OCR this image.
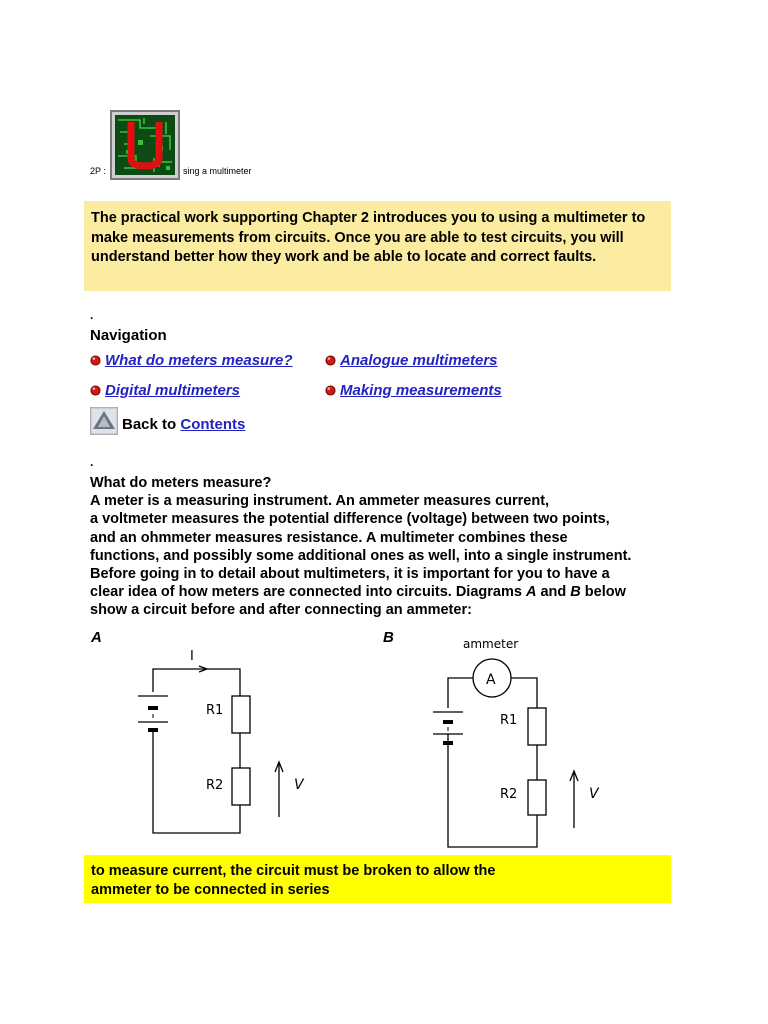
2P :	sing a multimeter
The practical work supporting Chapter 2 introduces you to using a multimeter to make measurements from circuits. Once you are able to test circuits, you will understand better how they work and be able to locate and correct faults.
.
Navigation
What do meters measure?	Analogue multimeters
Digital multimeters	Making measurements
Back to Contents
.
What do meters measure?
A meter is a measuring instrument. An ammeter measures current,
a voltmeter measures the potential difference (voltage) between two points,
and an ohmmeter measures resistance. A multimeter combines these
functions, and possibly some additional ones as well, into a single instrument.
Before going in to detail about multimeters, it is important for you to have a
clear idea of how meters are connected into circuits. Diagrams A and B below
show a circuit before and after connecting an ammeter:
A	B
I
R1
R2	V
ammeter
A
R1
R2	V
to measure current, the circuit must be broken to allow the
ammeter to be connected in series
